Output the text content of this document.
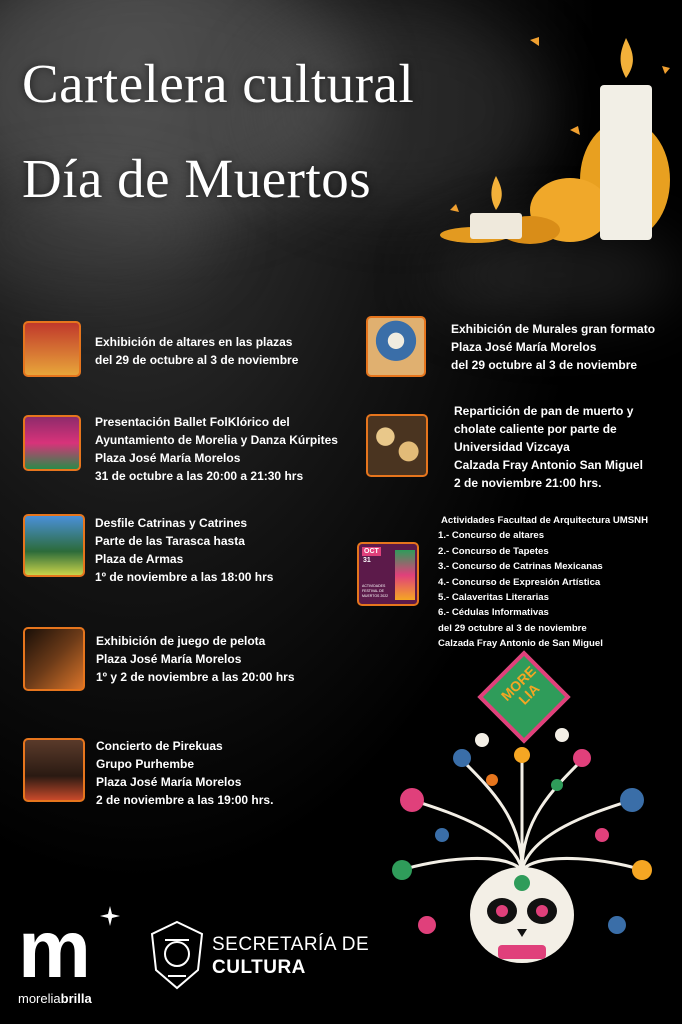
Cartelera cultural
Día de Muertos
Exhibición de altares en las plazas
del 29 de octubre al 3 de noviembre
Presentación Ballet FolKlórico del
Ayuntamiento de Morelia y Danza Kúrpites
Plaza José María Morelos
31 de octubre a las 20:00 a 21:30 hrs
Desfile Catrinas y Catrines
Parte de las Tarasca hasta
Plaza de Armas
1º de noviembre a las 18:00 hrs
Exhibición de juego de pelota
Plaza José María Morelos
1º y 2 de noviembre a las 20:00 hrs
Concierto de Pirekuas
Grupo Purhembe
Plaza José María Morelos
2 de noviembre a las 19:00 hrs.
Exhibición de Murales gran formato
Plaza José María Morelos
del 29 octubre al 3 de noviembre
Repartición de pan de muerto y
cholate caliente por parte de
Universidad Vizcaya
Calzada Fray Antonio San Miguel
2 de noviembre 21:00 hrs.
OCT
31
ACTIVIDADES FESTIVAL DE MUERTOS 2022
Actividades Facultad de Arquitectura UMSNH
1.- Concurso de altares
2.- Concurso de Tapetes
3.- Concurso de Catrinas Mexicanas
4.- Concurso de Expresión Artística
5.- Calaveritas Literarias
6.- Cédulas Informativas
del 29 octubre al 3 de noviembre
Calzada Fray Antonio de San Miguel
MORELIA
m
moreliabrilla
SECRETARÍA DE
CULTURA
